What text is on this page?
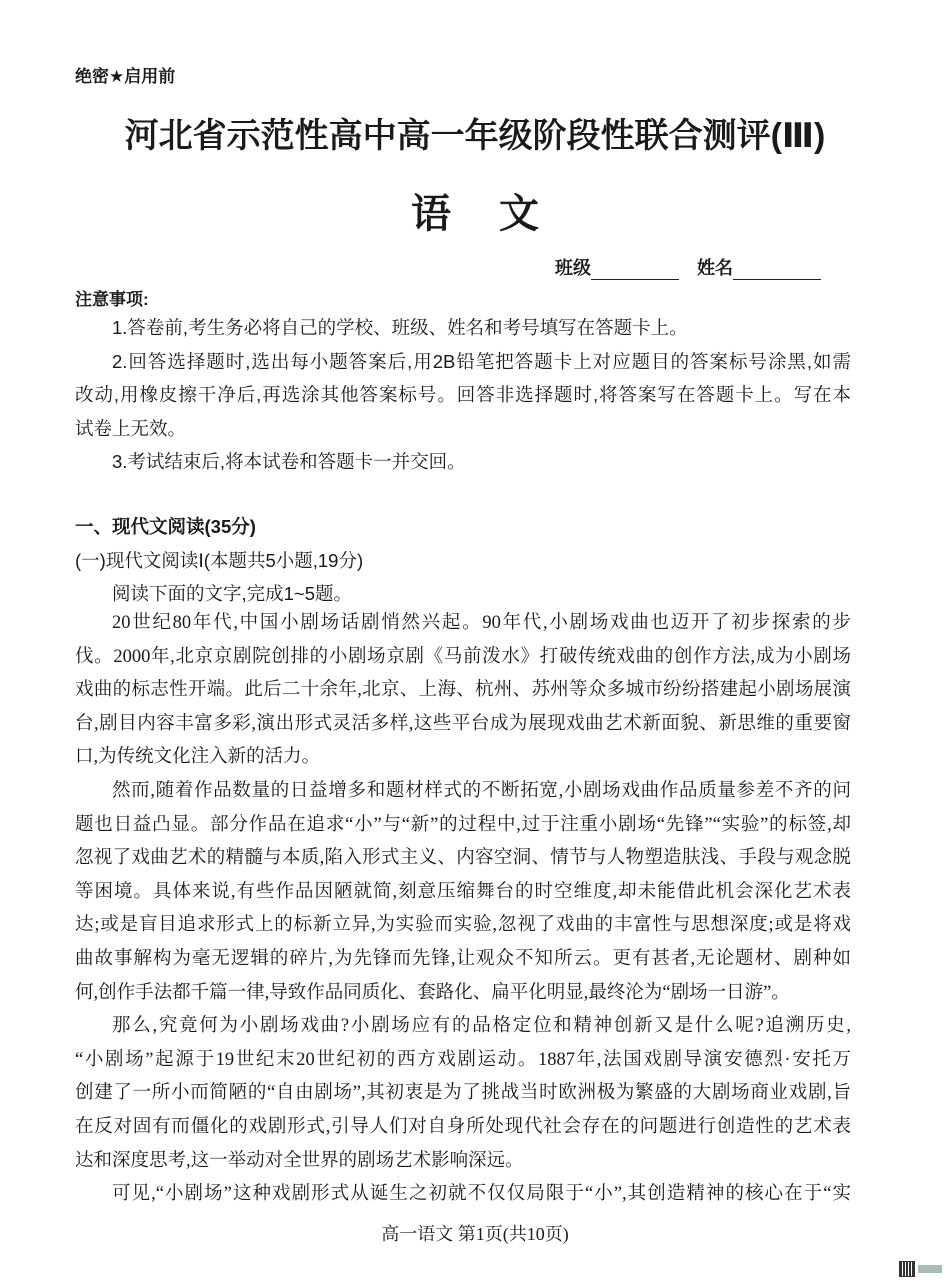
绝密★启用前
河北省示范性高中高一年级阶段性联合测评(Ⅲ)
语 文
班级	姓名
注意事项:
1.答卷前,考生务必将自己的学校、班级、姓名和考号填写在答题卡上。
2.回答选择题时,选出每小题答案后,用2B铅笔把答题卡上对应题目的答案标号涂黑,如需
改动,用橡皮擦干净后,再选涂其他答案标号。回答非选择题时,将答案写在答题卡上。写在本
试卷上无效。
3.考试结束后,将本试卷和答题卡一并交回。
一、现代文阅读(35分)
(一)现代文阅读Ⅰ(本题共5小题,19分)
阅读下面的文字,完成1~5题。
20世纪80年代,中国小剧场话剧悄然兴起。90年代,小剧场戏曲也迈开了初步探索的步
伐。2000年,北京京剧院创排的小剧场京剧《马前泼水》打破传统戏曲的创作方法,成为小剧场
戏曲的标志性开端。此后二十余年,北京、上海、杭州、苏州等众多城市纷纷搭建起小剧场展演
台,剧目内容丰富多彩,演出形式灵活多样,这些平台成为展现戏曲艺术新面貌、新思维的重要窗
口,为传统文化注入新的活力。
然而,随着作品数量的日益增多和题材样式的不断拓宽,小剧场戏曲作品质量参差不齐的问
题也日益凸显。部分作品在追求“小”与“新”的过程中,过于注重小剧场“先锋”“实验”的标签,却
忽视了戏曲艺术的精髓与本质,陷入形式主义、内容空洞、情节与人物塑造肤浅、手段与观念脱
等困境。具体来说,有些作品因陋就简,刻意压缩舞台的时空维度,却未能借此机会深化艺术表
达;或是盲目追求形式上的标新立异,为实验而实验,忽视了戏曲的丰富性与思想深度;或是将戏
曲故事解构为毫无逻辑的碎片,为先锋而先锋,让观众不知所云。更有甚者,无论题材、剧种如
何,创作手法都千篇一律,导致作品同质化、套路化、扁平化明显,最终沦为“剧场一日游”。
那么,究竟何为小剧场戏曲?小剧场应有的品格定位和精神创新又是什么呢?追溯历史,
“小剧场”起源于19世纪末20世纪初的西方戏剧运动。1887年,法国戏剧导演安德烈·安托万
创建了一所小而简陋的“自由剧场”,其初衷是为了挑战当时欧洲极为繁盛的大剧场商业戏剧,旨
在反对固有而僵化的戏剧形式,引导人们对自身所处现代社会存在的问题进行创造性的艺术表
达和深度思考,这一举动对全世界的剧场艺术影响深远。
可见,“小剧场”这种戏剧形式从诞生之初就不仅仅局限于“小”,其创造精神的核心在于“实
高一语文 第1页(共10页)
